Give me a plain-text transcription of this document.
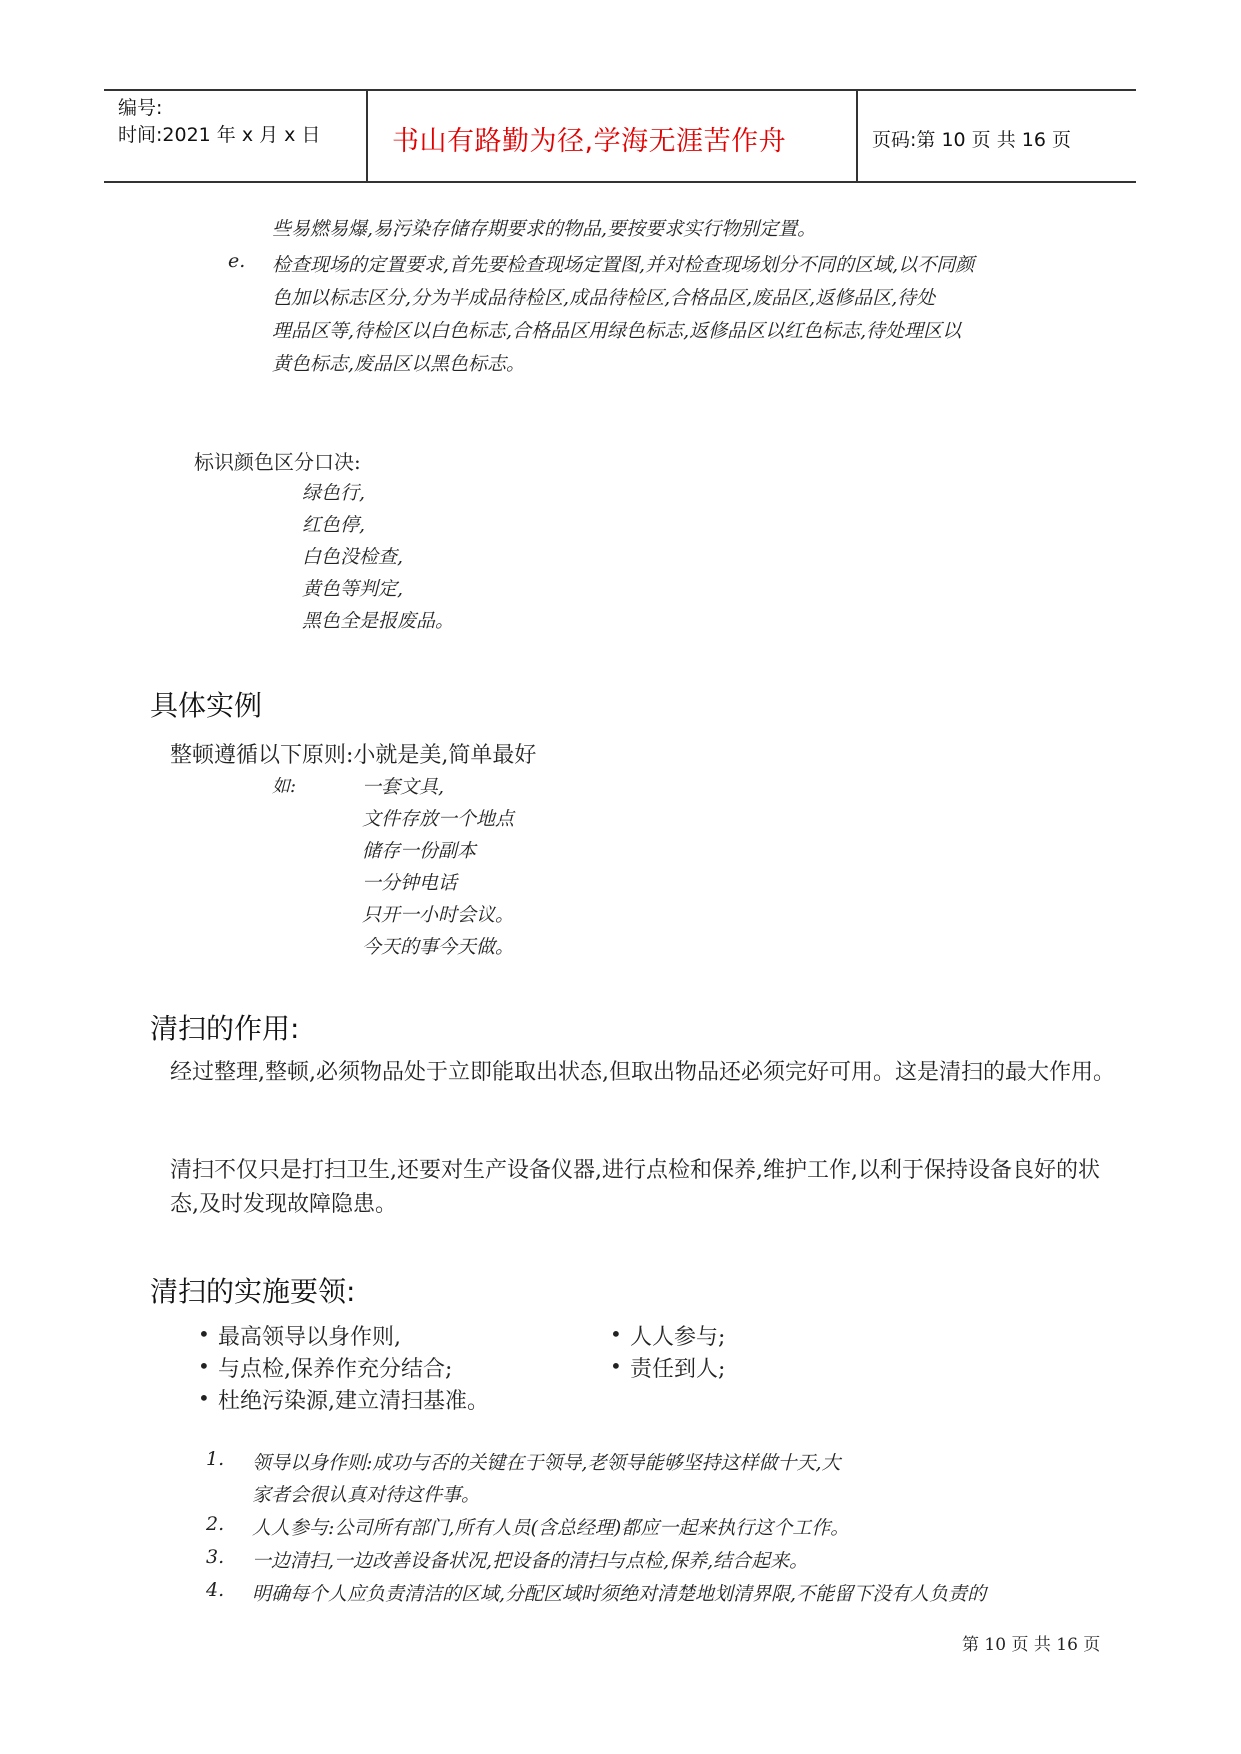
编号:
时间:2021 年 x 月 x 日	书山有路勤为径,学海无涯苦作舟	页码:第 10 页 共 16 页
些易燃易爆,易污染存储存期要求的物品,要按要求实行物别定置。
e. 检查现场的定置要求,首先要检查现场定置图,并对检查现场划分不同的区域,以不同颜
色加以标志区分,分为半成品待检区,成品待检区,合格品区,废品区,返修品区,待处
理品区等,待检区以白色标志,合格品区用绿色标志,返修品区以红色标志,待处理区以
黄色标志,废品区以黑色标志。
标识颜色区分口决:
绿色行,
红色停,
白色没检查,
黄色等判定,
黑色全是报废品。
具体实例
整顿遵循以下原则:小就是美,简单最好
如:	一套文具,
文件存放一个地点
储存一份副本
一分钟电话
只开一小时会议。
今天的事今天做。
清扫的作用:
经过整理,整顿,必须物品处于立即能取出状态,但取出物品还必须完好可用。这是清扫的最大作用。
清扫不仅只是打扫卫生,还要对生产设备仪器,进行点检和保养,维护工作,以利于保持设备良好的状态,及时发现故障隐患。
清扫的实施要领:
• 最高领导以身作则,
• 与点检,保养作充分结合;
• 杜绝污染源,建立清扫基准。
• 人人参与;
• 责任到人;
1. 领导以身作则:成功与否的关键在于领导,老领导能够坚持这样做十天,大
家者会很认真对待这件事。
2. 人人参与:公司所有部门,所有人员(含总经理)都应一起来执行这个工作。
3. 一边清扫,一边改善设备状况,把设备的清扫与点检,保养,结合起来。
4. 明确每个人应负责清洁的区域,分配区域时须绝对清楚地划清界限,不能留下没有人负责的
第 10 页 共 16 页
